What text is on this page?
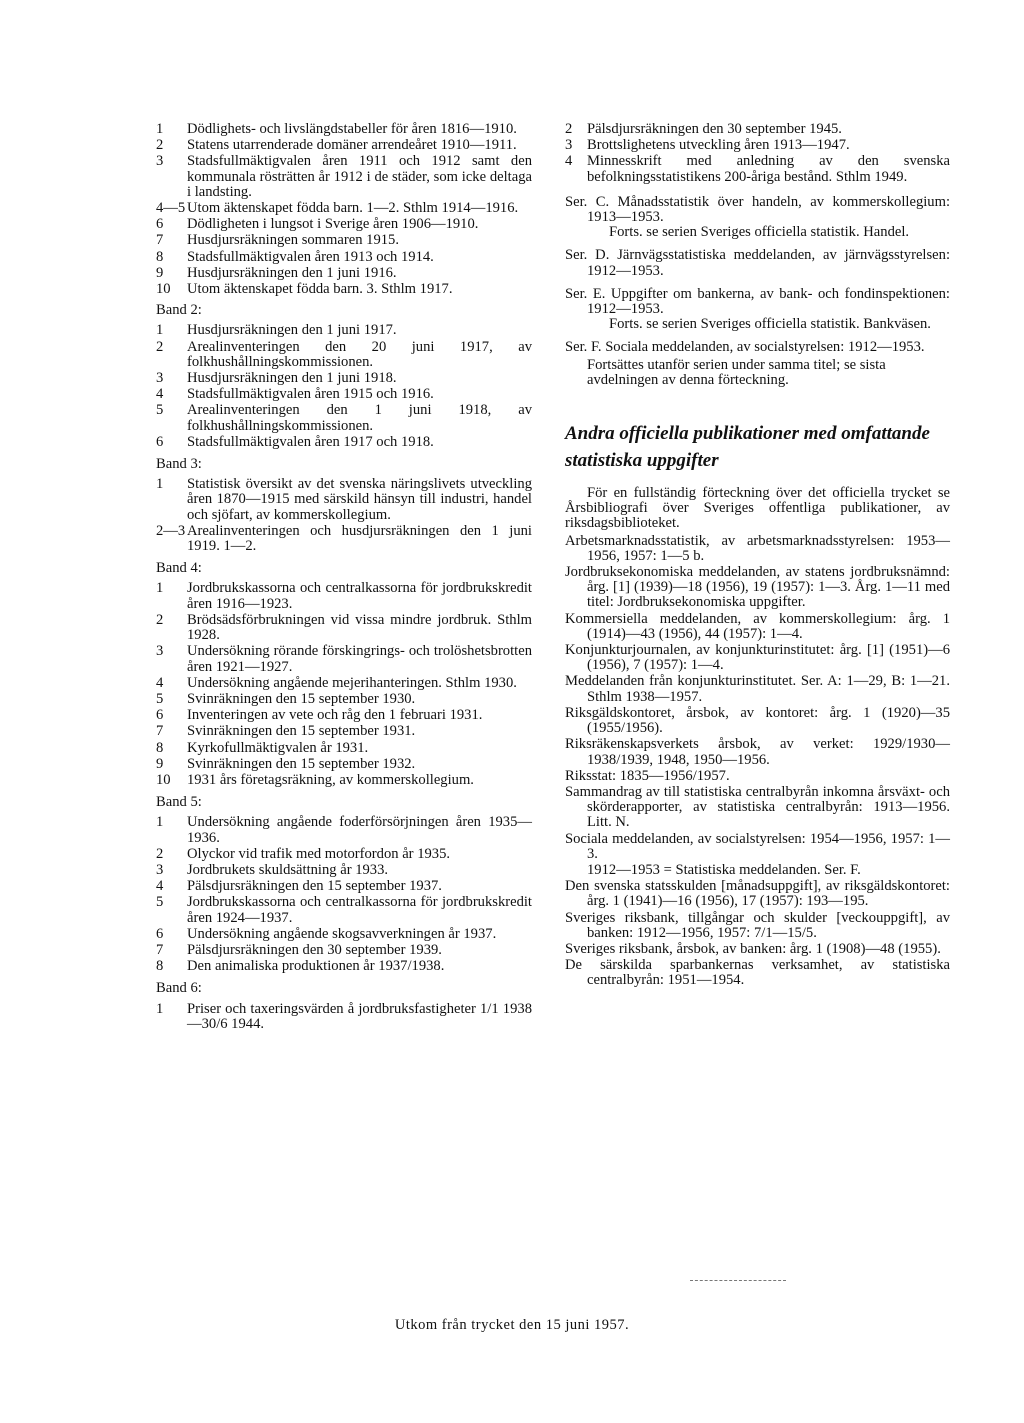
1	Dödlighets- och livslängdstabeller för åren 1816—1910.
2	Statens utarrenderade domäner arrendeåret 1910—1911.
3	Stadsfullmäktigvalen åren 1911 och 1912 samt den kommunala rösträtten år 1912 i de städer, som icke deltaga i landsting.
4—5 Utom äktenskapet födda barn. 1—2. Sthlm 1914—1916.
6	Dödligheten i lungsot i Sverige åren 1906—1910.
7	Husdjursräkningen sommaren 1915.
8	Stadsfullmäktigvalen åren 1913 och 1914.
9	Husdjursräkningen den 1 juni 1916.
10	Utom äktenskapet födda barn. 3. Sthlm 1917.
Band 2:
1	Husdjursräkningen den 1 juni 1917.
2	Arealinventeringen den 20 juni 1917, av folkhushållningskommissionen.
3	Husdjursräkningen den 1 juni 1918.
4	Stadsfullmäktigvalen åren 1915 och 1916.
5	Arealinventeringen den 1 juni 1918, av folkhushållningskommissionen.
6	Stadsfullmäktigvalen åren 1917 och 1918.
Band 3:
1	Statistisk översikt av det svenska näringslivets utveckling åren 1870—1915 med särskild hänsyn till industri, handel och sjöfart, av kommerskollegium.
2—3 Arealinventeringen och husdjursräkningen den 1 juni 1919. 1—2.
Band 4:
1	Jordbrukskassorna och centralkassorna för jordbrukskredit åren 1916—1923.
2	Brödsädsförbrukningen vid vissa mindre jordbruk. Sthlm 1928.
3	Undersökning rörande förskingrings- och trolöshetsbrotten åren 1921—1927.
4	Undersökning angående mejerihanteringen. Sthlm 1930.
5	Svinräkningen den 15 september 1930.
6	Inventeringen av vete och råg den 1 februari 1931.
7	Svinräkningen den 15 september 1931.
8	Kyrkofullmäktigvalen år 1931.
9	Svinräkningen den 15 september 1932.
10	1931 års företagsräkning, av kommerskollegium.
Band 5:
1	Undersökning angående foderförsörjningen åren 1935—1936.
2	Olyckor vid trafik med motorfordon år 1935.
3	Jordbrukets skuldsättning år 1933.
4	Pälsdjursräkningen den 15 september 1937.
5	Jordbrukskassorna och centralkassorna för jordbrukskredit åren 1924—1937.
6	Undersökning angående skogsavverkningen år 1937.
7	Pälsdjursräkningen den 30 september 1939.
8	Den animaliska produktionen år 1937/1938.
Band 6:
1	Priser och taxeringsvärden å jordbruksfastigheter 1/1 1938—30/6 1944.
2	Pälsdjursräkningen den 30 september 1945.
3	Brottslighetens utveckling åren 1913—1947.
4	Minnesskrift med anledning av den svenska befolkningsstatistikens 200-åriga bestånd. Sthlm 1949.
Ser. C. Månadsstatistik över handeln, av kommerskollegium: 1913—1953.
Forts. se serien Sveriges officiella statistik. Handel.
Ser. D. Järnvägsstatistiska meddelanden, av järnvägsstyrelsen: 1912—1953.
Ser. E. Uppgifter om bankerna, av bank- och fondinspektionen: 1912—1953.
Forts. se serien Sveriges officiella statistik. Bankväsen.
Ser. F. Sociala meddelanden, av socialstyrelsen: 1912—1953.
Fortsättes utanför serien under samma titel; se sista avdelningen av denna förteckning.
Andra officiella publikationer med omfattande statistiska uppgifter
För en fullständig förteckning över det officiella trycket se Årsbibliografi över Sveriges offentliga publikationer, av riksdagsbiblioteket.
Arbetsmarknadsstatistik, av arbetsmarknadsstyrelsen: 1953—1956, 1957: 1—5 b.
Jordbruksekonomiska meddelanden, av statens jordbruksnämnd: årg. [1] (1939)—18 (1956), 19 (1957): 1—3. Årg. 1—11 med titel: Jordbruksekonomiska uppgifter.
Kommersiella meddelanden, av kommerskollegium: årg. 1 (1914)—43 (1956), 44 (1957): 1—4.
Konjunkturjournalen, av konjunkturinstitutet: årg. [1] (1951)—6 (1956), 7 (1957): 1—4.
Meddelanden från konjunkturinstitutet. Ser. A: 1—29, B: 1—21. Sthlm 1938—1957.
Riksgäldskontoret, årsbok, av kontoret: årg. 1 (1920)—35 (1955/1956).
Riksräkenskapsverkets årsbok, av verket: 1929/1930—1938/1939, 1948, 1950—1956.
Riksstat: 1835—1956/1957.
Sammandrag av till statistiska centralbyrån inkomna årsväxt- och skörderapporter, av statistiska centralbyrån: 1913—1956. Litt. N.
Sociala meddelanden, av socialstyrelsen: 1954—1956, 1957: 1—3.
1912—1953 = Statistiska meddelanden. Ser. F.
Den svenska statsskulden [månadsuppgift], av riksgäldskontoret: årg. 1 (1941)—16 (1956), 17 (1957): 193—195.
Sveriges riksbank, tillgångar och skulder [veckouppgift], av banken: 1912—1956, 1957: 7/1—15/5.
Sveriges riksbank, årsbok, av banken: årg. 1 (1908)—48 (1955).
De särskilda sparbankernas verksamhet, av statistiska centralbyrån: 1951—1954.
Utkom från trycket den 15 juni 1957.
